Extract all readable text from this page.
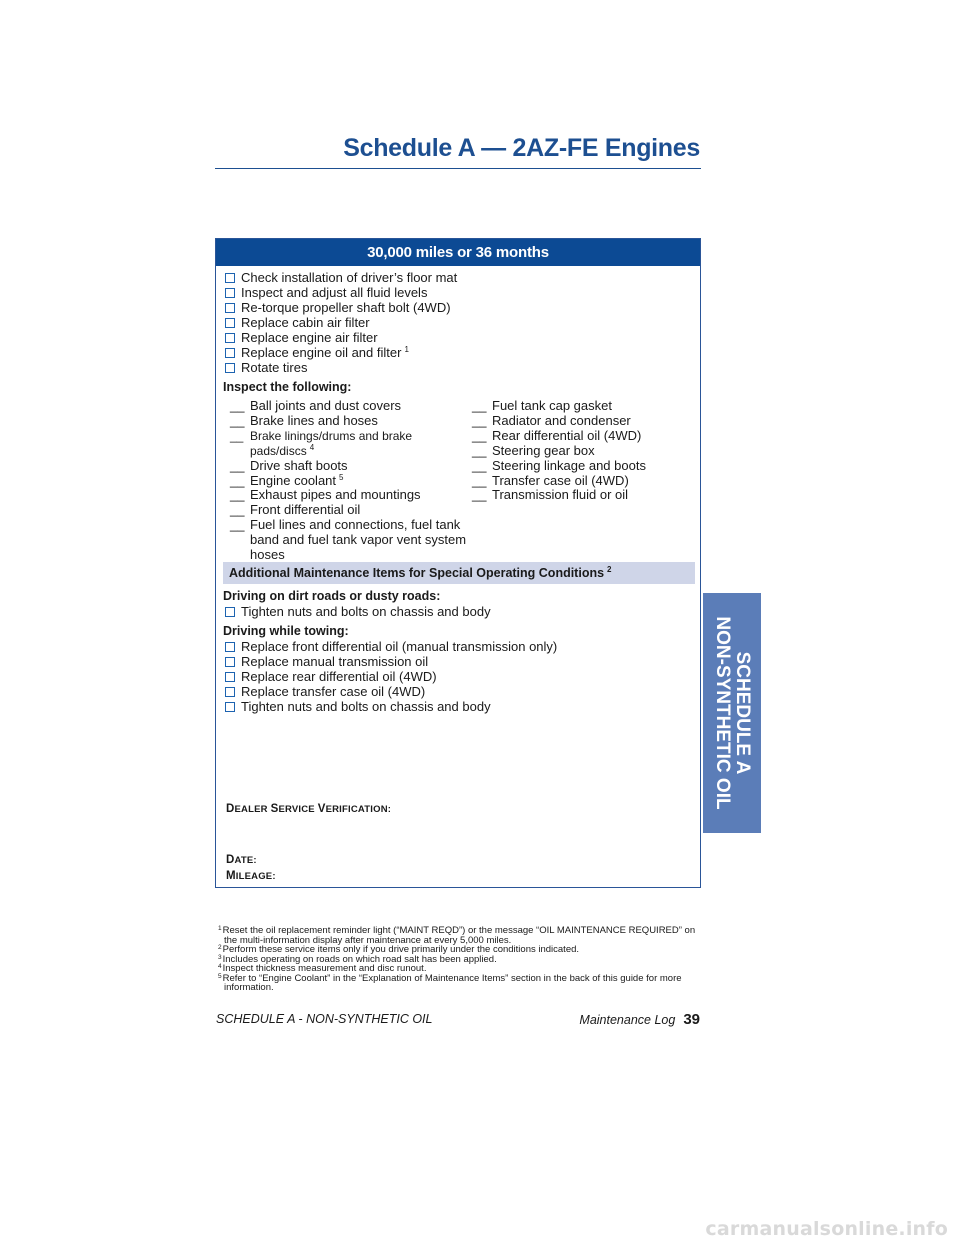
Schedule A — 2AZ-FE Engines
30,000 miles or 36 months
Check installation of driver’s floor mat
Inspect and adjust all fluid levels
Re-torque propeller shaft bolt (4WD)
Replace cabin air filter
Replace engine air filter
Replace engine oil and filter $^1$
Rotate tires
Inspect the following:
__ Ball joints and dust covers
__ Brake lines and hoses
__ Brake linings/drums and brake pads/discs $^4$
__ Drive shaft boots
__ Engine coolant $^5$
__ Exhaust pipes and mountings
__ Front differential oil
__ Fuel lines and connections, fuel tank band and fuel tank vapor vent system hoses
__ Fuel tank cap gasket
__ Radiator and condenser
__ Rear differential oil (4WD)
__ Steering gear box
__ Steering linkage and boots
__ Transfer case oil (4WD)
__ Transmission fluid or oil
Additional Maintenance Items for Special Operating Conditions $^2$
Driving on dirt roads or dusty roads:
Tighten nuts and bolts on chassis and body
Driving while towing:
Replace front differential oil (manual transmission only)
Replace manual transmission oil
Replace rear differential oil (4WD)
Replace transfer case oil (4WD)
Tighten nuts and bolts on chassis and body
DEALER SERVICE VERIFICATION:
DATE:
MILEAGE:
SCHEDULE A
NON-SYNTHETIC OIL
$^1$Reset the oil replacement reminder light (“MAINT REQD”) or the message “OIL MAINTENANCE REQUIRED” on the multi-information display after maintenance at every 5,000 miles.
$^2$Perform these service items only if you drive primarily under the conditions indicated.
$^3$Includes operating on roads on which road salt has been applied.
$^4$Inspect thickness measurement and disc runout.
$^5$Refer to “Engine Coolant” in the “Explanation of Maintenance Items” section in the back of this guide for more information.
SCHEDULE A - NON-SYNTHETIC OIL	Maintenance Log 39
carmanualsonline.info
